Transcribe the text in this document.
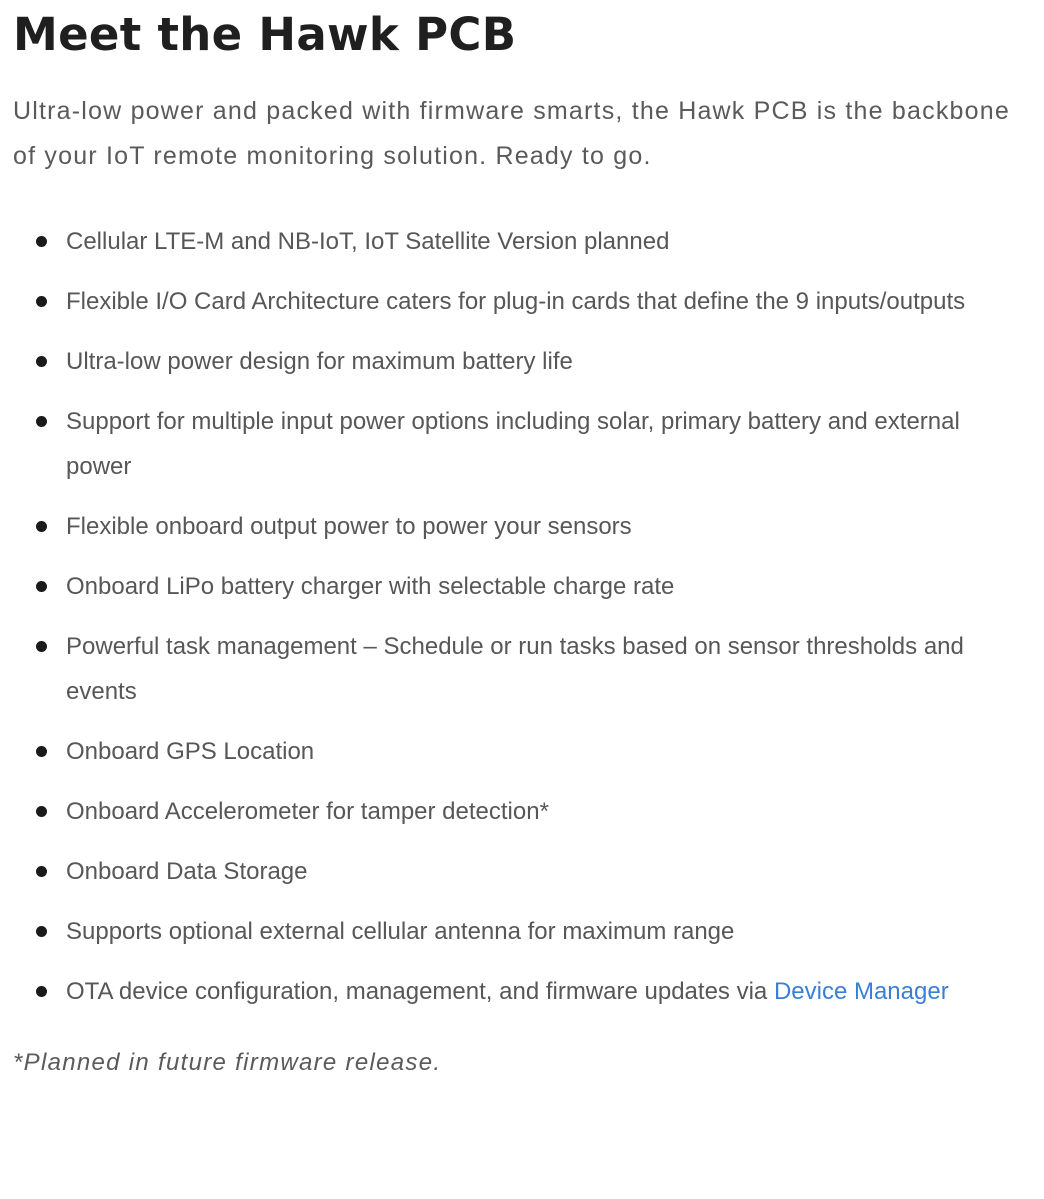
Meet the Hawk PCB

Ultra-low power and packed with firmware smarts, the Hawk PCB is the backbone of your IoT remote monitoring solution. Ready to go.

Cellular LTE-M and NB-IoT, IoT Satellite Version planned
Flexible I/O Card Architecture caters for plug-in cards that define the 9 inputs/outputs
Ultra-low power design for maximum battery life
Support for multiple input power options including solar, primary battery and external power
Flexible onboard output power to power your sensors
Onboard LiPo battery charger with selectable charge rate
Powerful task management – Schedule or run tasks based on sensor thresholds and events
Onboard GPS Location
Onboard Accelerometer for tamper detection*
Onboard Data Storage
Supports optional external cellular antenna for maximum range
OTA device configuration, management, and firmware updates via Device Manager

*Planned in future firmware release.
